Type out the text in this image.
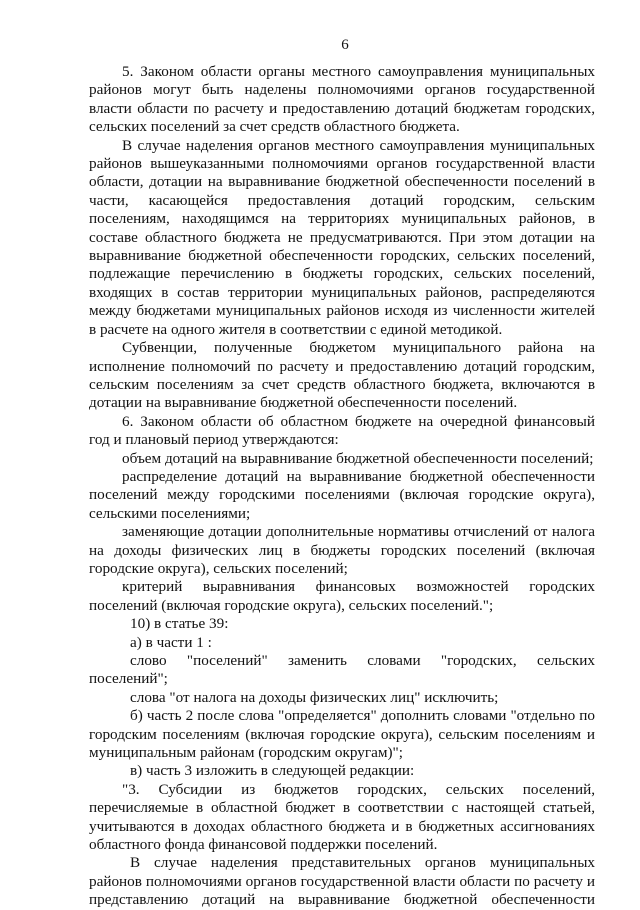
6

5. Законом области органы местного самоуправления муниципальных районов могут быть наделены полномочиями органов государственной власти области по расчету и предоставлению дотаций бюджетам городских, сельских поселений за счет средств областного бюджета.

В случае наделения органов местного самоуправления муниципальных районов вышеуказанными полномочиями органов государственной власти области, дотации на выравнивание бюджетной обеспеченности поселений в части, касающейся предоставления дотаций городским, сельским поселениям, находящимся на территориях муниципальных районов, в составе областного бюджета не предусматриваются. При этом дотации на выравнивание бюджетной обеспеченности городских, сельских поселений, подлежащие перечислению в бюджеты городских, сельских поселений, входящих в состав территории муниципальных районов, распределяются между бюджетами муниципальных районов исходя из численности жителей в расчете на одного жителя в соответствии с единой методикой.

Субвенции, полученные бюджетом муниципального района на исполнение полномочий по расчету и предоставлению дотаций городским, сельским поселениям за счет средств областного бюджета, включаются в дотации на выравнивание бюджетной обеспеченности поселений.

6. Законом области об областном бюджете на очередной финансовый год и плановый период утверждаются:

объем дотаций на выравнивание бюджетной обеспеченности поселений;

распределение дотаций на выравнивание бюджетной обеспеченности поселений между городскими поселениями (включая городские округа), сельскими поселениями;

заменяющие дотации дополнительные нормативы отчислений от налога на доходы физических лиц в бюджеты городских поселений (включая городские округа), сельских поселений;

критерий выравнивания финансовых возможностей городских поселений (включая городские округа), сельских поселений.";

10) в статье 39:

а) в части 1 :

слово "поселений" заменить словами "городских, сельских поселений";

слова "от налога на доходы физических лиц" исключить;

б) часть 2 после слова "определяется" дополнить словами "отдельно по городским поселениям (включая городские округа), сельским поселениям и муниципальным районам (городским округам)";

в) часть 3 изложить в следующей редакции:

"3. Субсидии из бюджетов городских, сельских поселений, перечисляемые в областной бюджет в соответствии с настоящей статьей, учитываются в доходах областного бюджета и в бюджетных ассигнованиях областного фонда финансовой поддержки поселений.

В случае наделения представительных органов муниципальных районов полномочиями органов государственной власти области по расчету и представлению дотаций на выравнивание бюджетной обеспеченности
